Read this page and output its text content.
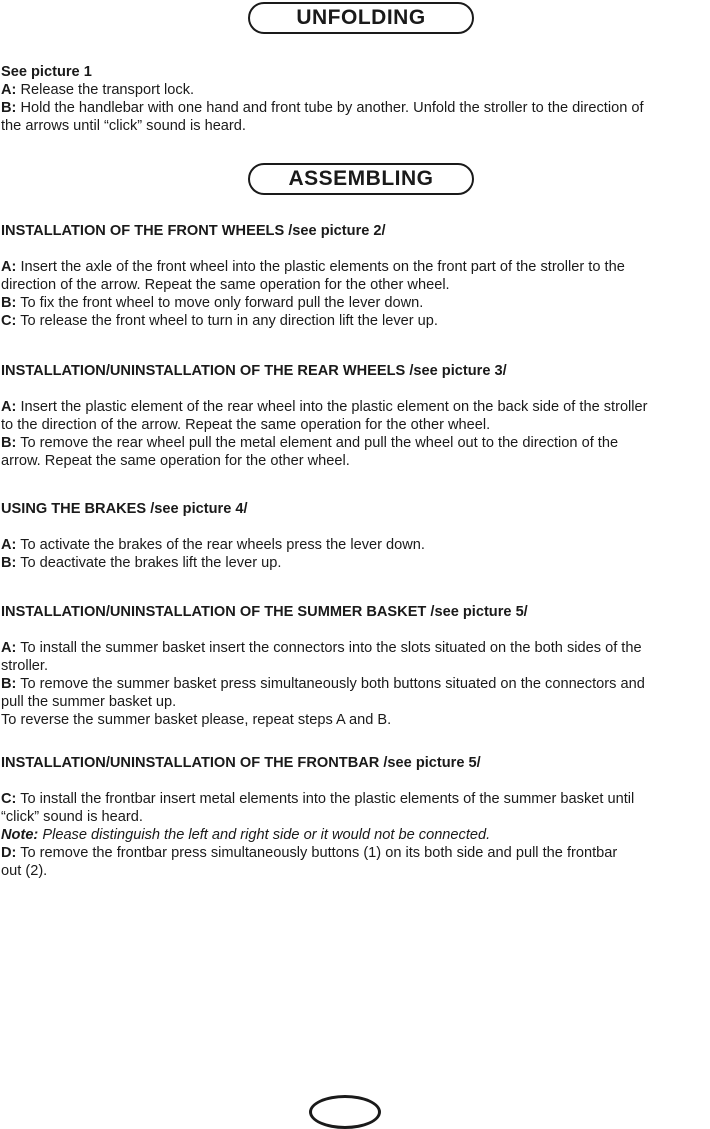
UNFOLDING
See picture 1
A: Release the transport lock.
B: Hold the handlebar with one hand and front tube by another. Unfold the stroller to the direction of
the arrows until “click” sound is heard.
ASSEMBLING
INSTALLATION OF THE FRONT WHEELS /see picture 2/
A: Insert the axle of the front wheel into the plastic elements on the front part of the stroller to the
direction of the arrow. Repeat the same operation for the other wheel.
B: To fix the front wheel to move only forward pull the lever down.
C: To release the front wheel to turn in any direction lift the lever up.
INSTALLATION/UNINSTALLATION OF THE REAR WHEELS /see picture 3/
A: Insert the plastic element of the rear wheel into the plastic element on the back side of the stroller
to the direction of the arrow. Repeat the same operation for the other wheel.
B: To remove the rear wheel pull the metal element and pull the wheel out to the direction of the
arrow. Repeat the same operation for the other wheel.
USING THE BRAKES /see picture 4/
A: To activate the brakes of the rear wheels press the lever down.
B: To deactivate the brakes lift the lever up.
INSTALLATION/UNINSTALLATION OF THE SUMMER BASKET /see picture 5/
A: To install the summer basket insert the connectors into the slots situated on the both sides of the
stroller.
B: To remove the summer basket press simultaneously both buttons situated on the connectors and
pull the summer basket up.
To reverse the summer basket please, repeat steps A and B.
INSTALLATION/UNINSTALLATION OF THE FRONTBAR /see picture 5/
C: To install the frontbar insert metal elements into the plastic elements of the summer basket until
“click” sound is heard.
Note: Please distinguish the left and right side or it would not be connected.
D: To remove the frontbar press simultaneously buttons (1) on its both side and pull the frontbar
out (2).
